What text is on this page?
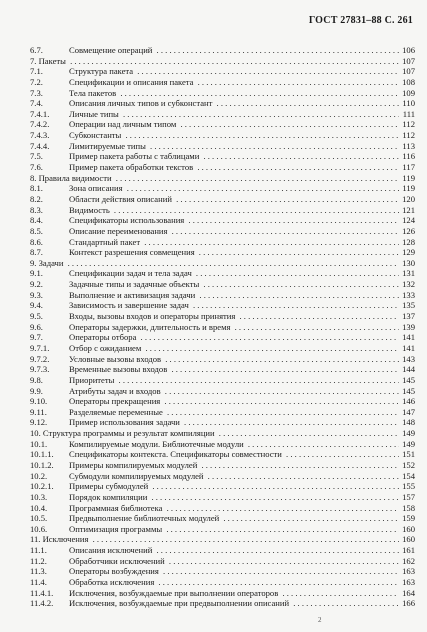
ГОСТ 27831–88 С. 261
6.7.	Совмещение операций . . .	106
7. Пакеты . . .	107
7.1.	Структура пакета . . .	107
7.2.	Спецификации и описания пакета . . .	108
7.3.	Тела пакетов . . .	109
7.4.	Описания личных типов и субконстант . . .	110
7.4.1. Личные типы . . .	111
7.4.2. Операции над личным типом . . .	112
7.4.3. Субконстанты . . .	112
7.4.4. Лимитируемые типы . . .	113
7.5.	Пример пакета работы с таблицами . . .	116
7.6.	Пример пакета обработки текстов . . .	117
8. Правила видимости . . .	119
8.1.	Зона описания . . .	119
8.2.	Области действия описаний . . .	120
8.3.	Видимость . . .	121
8.4.	Спецификаторы использования . . .	124
8.5.	Описание переименования . . .	126
8.6.	Стандартный пакет . . .	128
8.7.	Контекст разрешения совмещения . . .	129
9. Задачи . . .	130
9.1.	Спецификации задач и тела задач . . .	131
9.2.	Задачные типы и задачные объекты . . .	132
9.3.	Выполнение и активизация задачи . . .	133
9.4.	Зависимость и завершение задач . . .	135
9.5.	Входы, вызовы входов и операторы принятия . . .	137
9.6.	Операторы задержки, длительность и время . . .	139
9.7.	Операторы отбора . . .	141
9.7.1. Отбор с ожиданием . . .	141
9.7.2. Условные вызовы входов . . .	143
9.7.3. Временные вызовы входов . . .	144
9.8.	Приоритеты . . .	145
9.9.	Атрибуты задач и входов . . .	145
9.10.	Операторы прекращения . . .	146
9.11.	Разделяемые переменные . . .	147
9.12.	Пример использования задачи . . .	148
10. Структура программы и результат компиляции . . .	149
10.1.	Компилируемые модули. Библиотечные модули . . .	149
10.1.1. Спецификаторы контекста. Спецификаторы совместности . . .	151
10.1.2. Примеры компилируемых модулей . . .	152
10.2.	Субмодули компилируемых модулей . . .	154
10.2.1. Примеры субмодулей . . .	155
10.3.	Порядок компиляции . . .	157
10.4.	Программная библиотека . . .	158
10.5.	Предвыполнение библиотечных модулей . . .	159
10.6.	Оптимизация программы . . .	160
11. Исключения . . .	160
11.1.	Описания исключений . . .	161
11.2.	Обработчики исключений . . .	162
11.3.	Операторы возбуждения . . .	163
11.4.	Обработка исключения . . .	163
11.4.1. Исключения, возбуждаемые при выполнении операторов . . .	164
11.4.2. Исключения, возбуждаемые при предвыполнении описаний . . .	166
2
